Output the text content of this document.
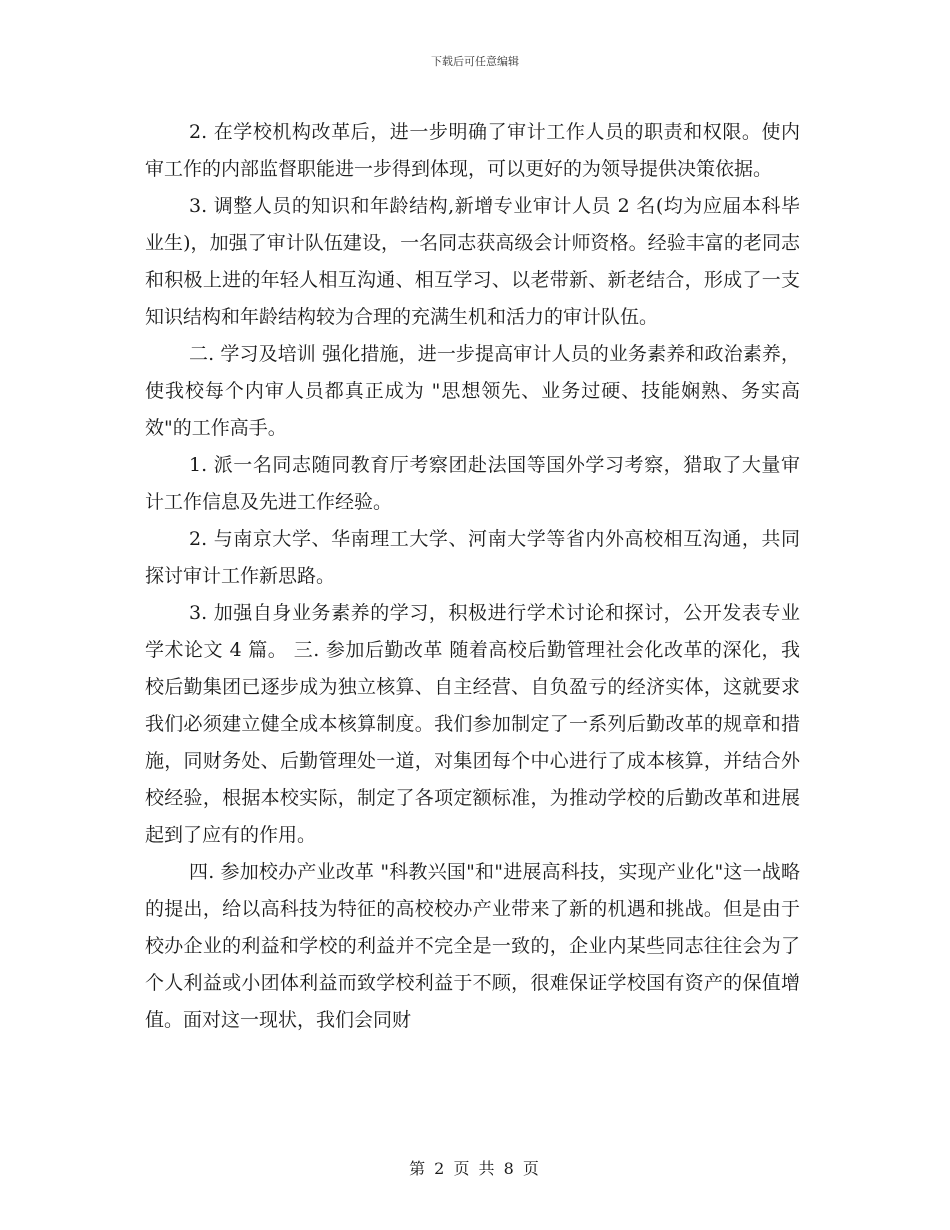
下载后可任意编辑

2. 在学校机构改革后，进一步明确了审计工作人员的职责和权限。使内审工作的内部监督职能进一步得到体现，可以更好的为领导提供决策依据。

3. 调整人员的知识和年龄结构,新增专业审计人员 2 名(均为应届本科毕业生)，加强了审计队伍建设，一名同志获高级会计师资格。经验丰富的老同志和积极上进的年轻人相互沟通、相互学习、以老带新、新老结合，形成了一支知识结构和年龄结构较为合理的充满生机和活力的审计队伍。

二. 学习及培训 强化措施，进一步提高审计人员的业务素养和政治素养，使我校每个内审人员都真正成为 "思想领先、业务过硬、技能娴熟、务实高效"的工作高手。

1. 派一名同志随同教育厅考察团赴法国等国外学习考察，猎取了大量审计工作信息及先进工作经验。

2. 与南京大学、华南理工大学、河南大学等省内外高校相互沟通，共同探讨审计工作新思路。

3. 加强自身业务素养的学习，积极进行学术讨论和探讨，公开发表专业学术论文 4 篇。 三. 参加后勤改革 随着高校后勤管理社会化改革的深化，我校后勤集团已逐步成为独立核算、自主经营、自负盈亏的经济实体，这就要求我们必须建立健全成本核算制度。我们参加制定了一系列后勤改革的规章和措施，同财务处、后勤管理处一道，对集团每个中心进行了成本核算，并结合外校经验，根据本校实际，制定了各项定额标准，为推动学校的后勤改革和进展起到了应有的作用。

四. 参加校办产业改革 "科教兴国"和"进展高科技，实现产业化"这一战略的提出，给以高科技为特征的高校校办产业带来了新的机遇和挑战。但是由于校办企业的利益和学校的利益并不完全是一致的，企业内某些同志往往会为了个人利益或小团体利益而致学校利益于不顾，很难保证学校国有资产的保值增值。面对这一现状，我们会同财

第 2 页 共 8 页
